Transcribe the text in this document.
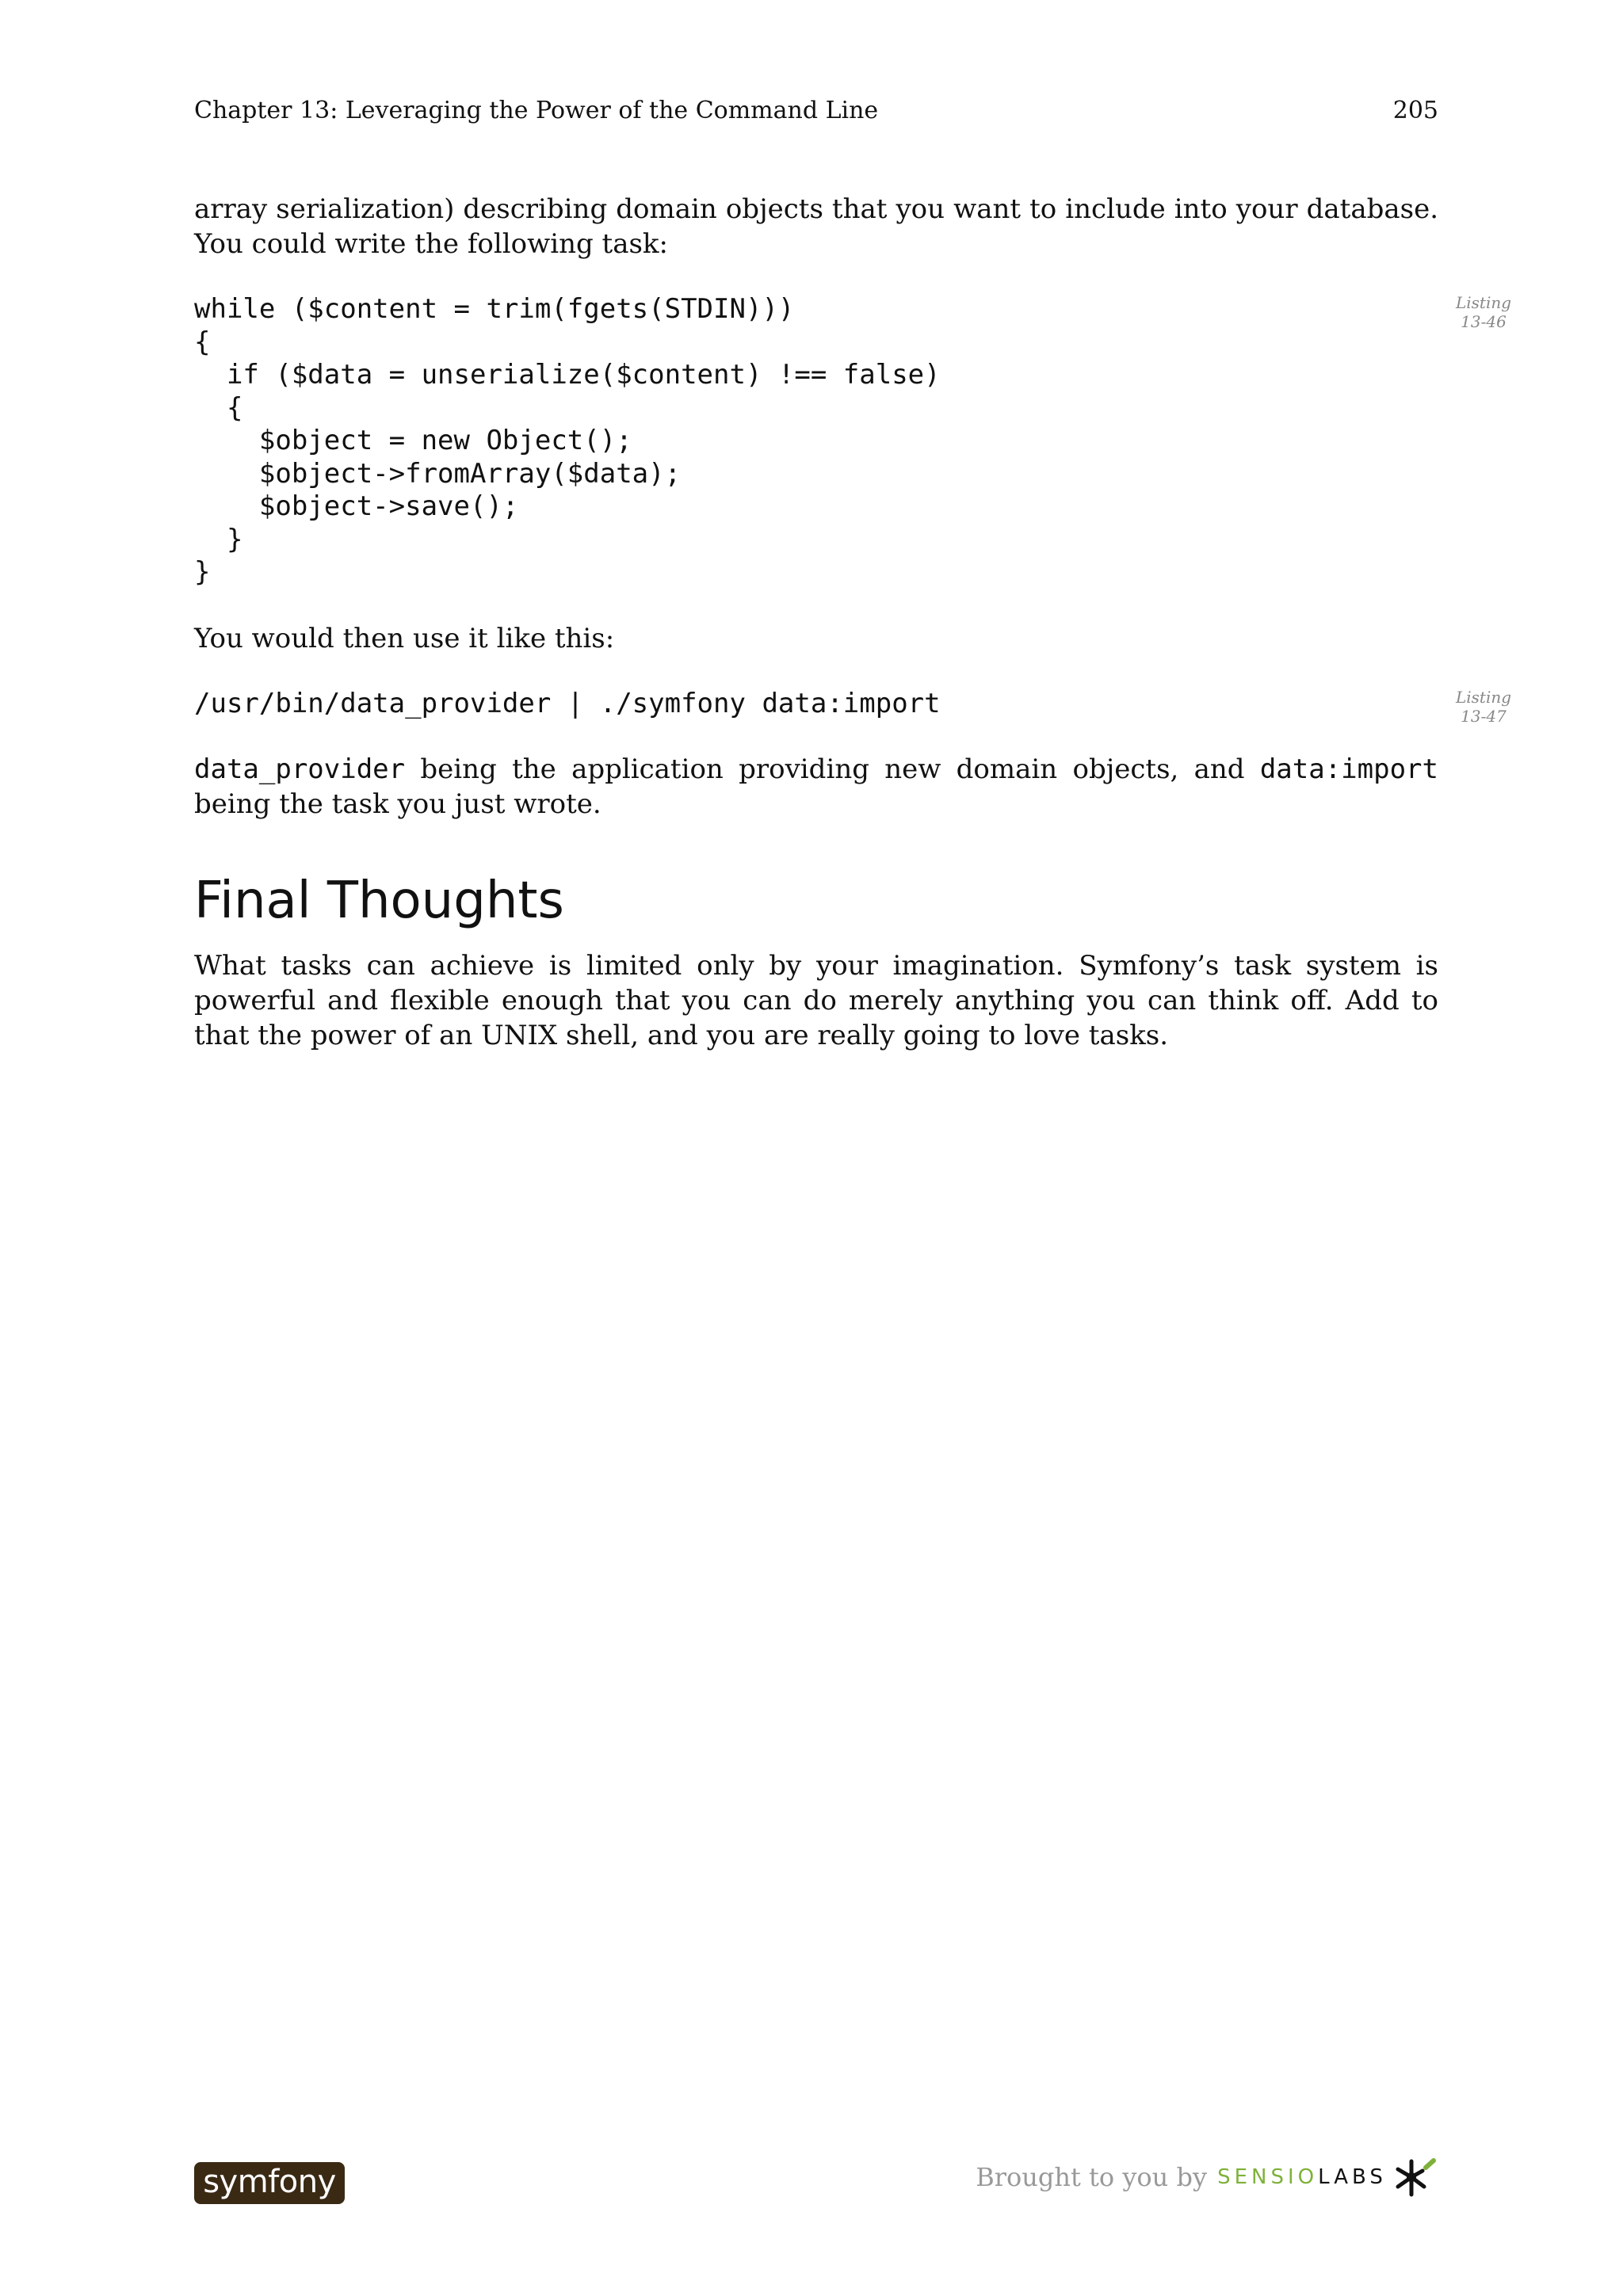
Chapter 13: Leveraging the Power of the Command Line	205

array serialization) describing domain objects that you want to include into your database. You could write the following task:

while ($content = trim(fgets(STDIN)))
{
if ($data = unserialize($content) !== false)
{
$object = new Object();
$object->fromArray($data);
$object->save();
}
}
Listing
13-46

You would then use it like this:

/usr/bin/data_provider | ./symfony data:import	Listing
13-47

data_provider being the application providing new domain objects, and data:import being the task you just wrote.

Final Thoughts

What tasks can achieve is limited only by your imagination. Symfony’s task system is powerful and flexible enough that you can do merely anything you can think off. Add to that the power of an UNIX shell, and you are really going to love tasks.

symfony	Brought to you by SENSIOLABS
